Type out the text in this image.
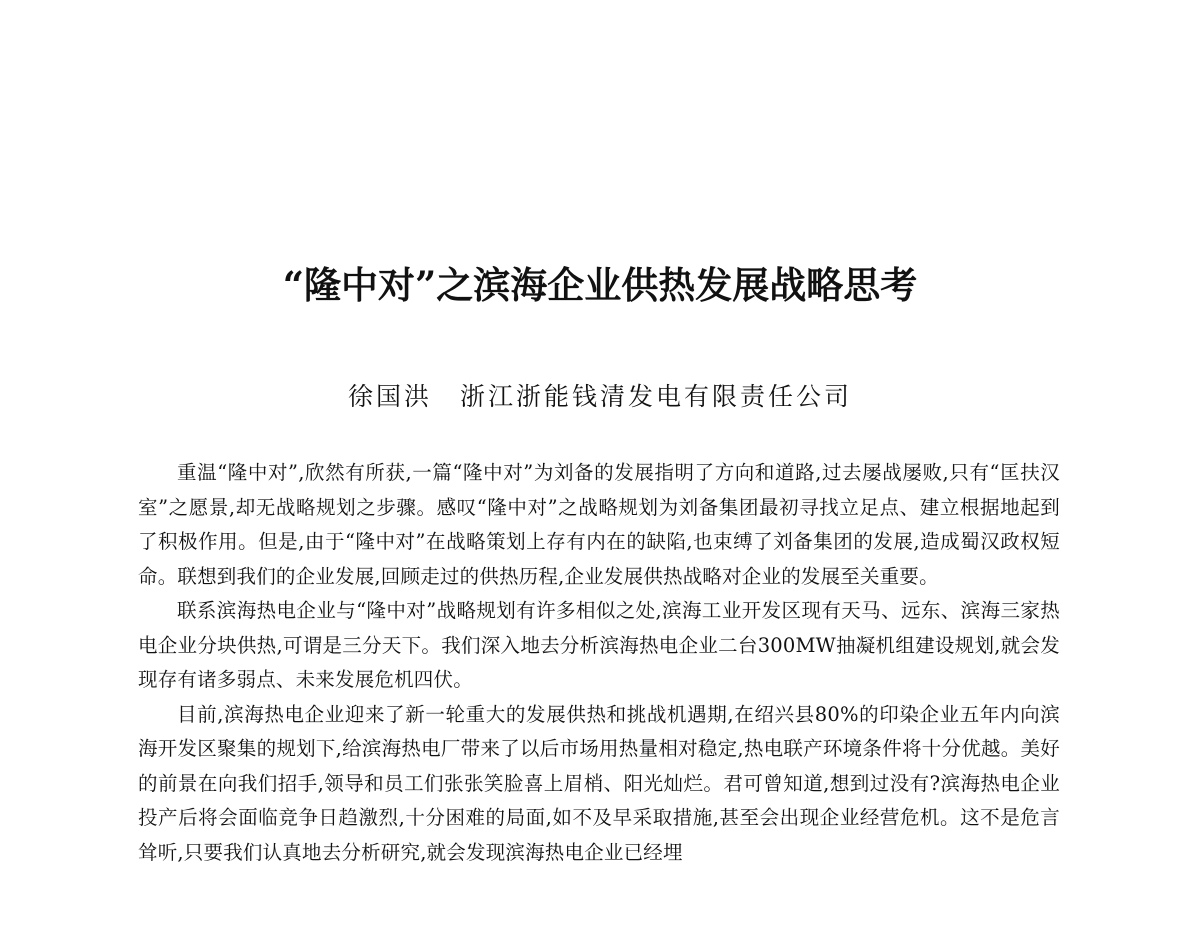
“隆中对”之滨海企业供热发展战略思考
徐国洪 浙江浙能钱清发电有限责任公司

重温“隆中对”,欣然有所获,一篇“隆中对”为刘备的发展指明了方向和道路,过去屡战屡败,只有“匡扶汉室”之愿景,却无战略规划之步骤。感叹“隆中对”之战略规划为刘备集团最初寻找立足点、建立根据地起到了积极作用。但是,由于“隆中对”在战略策划上存有内在的缺陷,也束缚了刘备集团的发展,造成蜀汉政权短命。联想到我们的企业发展,回顾走过的供热历程,企业发展供热战略对企业的发展至关重要。

联系滨海热电企业与“隆中对”战略规划有许多相似之处,滨海工业开发区现有天马、远东、滨海三家热电企业分块供热,可谓是三分天下。我们深入地去分析滨海热电企业二台300MW抽凝机组建设规划,就会发现存有诸多弱点、未来发展危机四伏。

目前,滨海热电企业迎来了新一轮重大的发展供热和挑战机遇期,在绍兴县80%的印染企业五年内向滨海开发区聚集的规划下,给滨海热电厂带来了以后市场用热量相对稳定,热电联产环境条件将十分优越。美好的前景在向我们招手,领导和员工们张张笑脸喜上眉梢、阳光灿烂。君可曾知道,想到过没有?滨海热电企业投产后将会面临竞争日趋激烈,十分困难的局面,如不及早采取措施,甚至会出现企业经营危机。这不是危言耸听,只要我们认真地去分析研究,就会发现滨海热电企业已经埋
